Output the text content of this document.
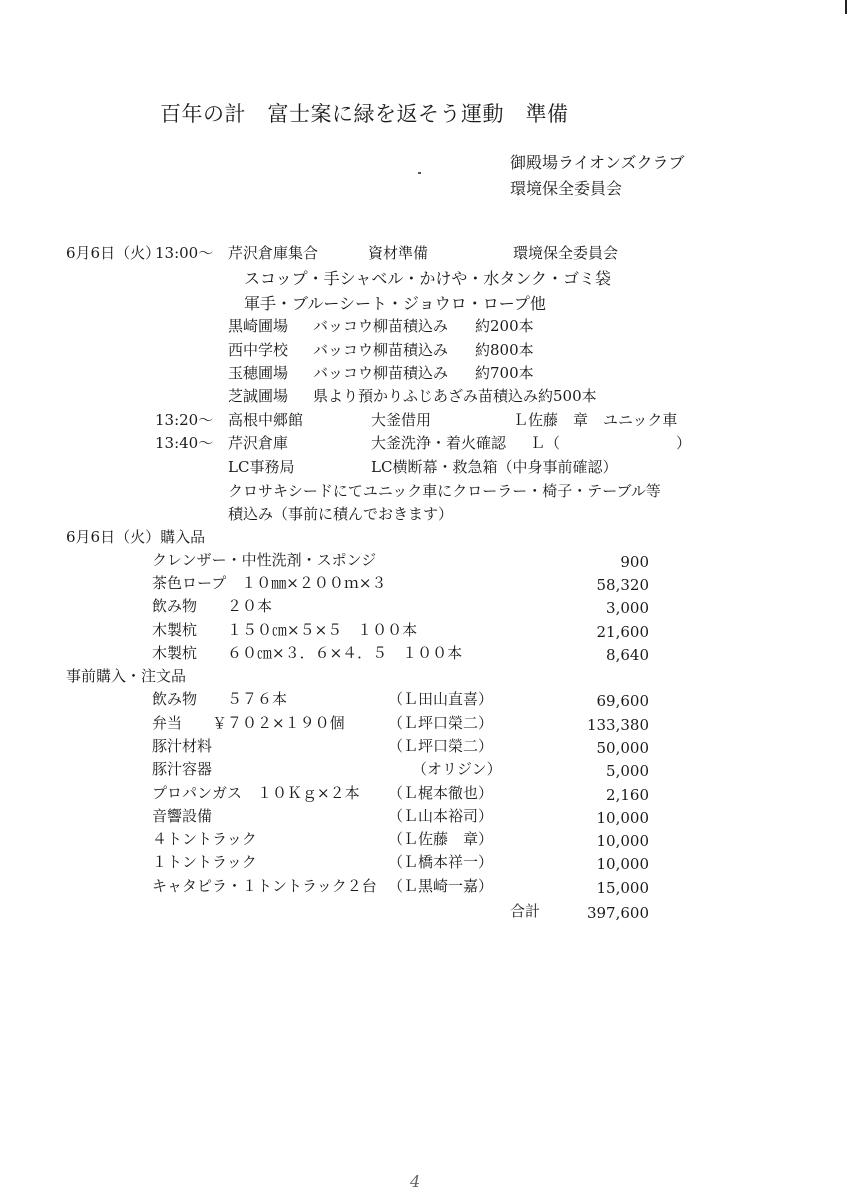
百年の計　富士案に緑を返そう運動　準備
御殿場ライオンズクラブ
環境保全委員会
6月6日（火）
13:00～ 芹沢倉庫集合	資材準備	環境保全委員会
スコップ・手シャベル・かけや・水タンク・ゴミ袋
軍手・ブルーシート・ジョウロ・ロープ他
黒崎圃場 バッコウ柳苗積込み 約200本
西中学校 バッコウ柳苗積込み 約800本
玉穂圃場 バッコウ柳苗積込み 約700本
芝誠圃場 県より預かりふじあざみ苗積込み約500本
13:20～ 高根中郷館	大釜借用	Ｌ佐藤　章　ユニック車
13:40～ 芹沢倉庫	大釜洗浄・着火確認 Ｌ（	）
LC事務局	LC横断幕・救急箱（中身事前確認）
クロサキシードにてユニック車にクローラー・椅子・テーブル等
積込み（事前に積んでおきます）
6月6日（火）購入品
クレンザー・中性洗剤・スポンジ	900
茶色ロープ　１０㎜×２００ｍ×３	58,320
飲み物　　２０本	3,000
木製杭　　１５０㎝×５×５　１００本	21,600
木製杭　　６０㎝×３．６×４．５　１００本	8,640
事前購入・注文品
飲み物　　５７６本	（Ｌ田山直喜）	69,600
弁当　　￥７０２×１９０個	（Ｌ坪口榮二）	133,380
豚汁材料	（Ｌ坪口榮二）	50,000
豚汁容器	（オリジン）	5,000
プロパンガス　１０Ｋｇ×２本 （Ｌ梶本徹也）	2,160
音響設備	（Ｌ山本裕司）	10,000
４トントラック	（Ｌ佐藤　章）	10,000
１トントラック	（Ｌ橋本祥一）	10,000
キャタピラ・１トントラック２台 （Ｌ黒崎一嘉）	15,000
合計	397,600
4
